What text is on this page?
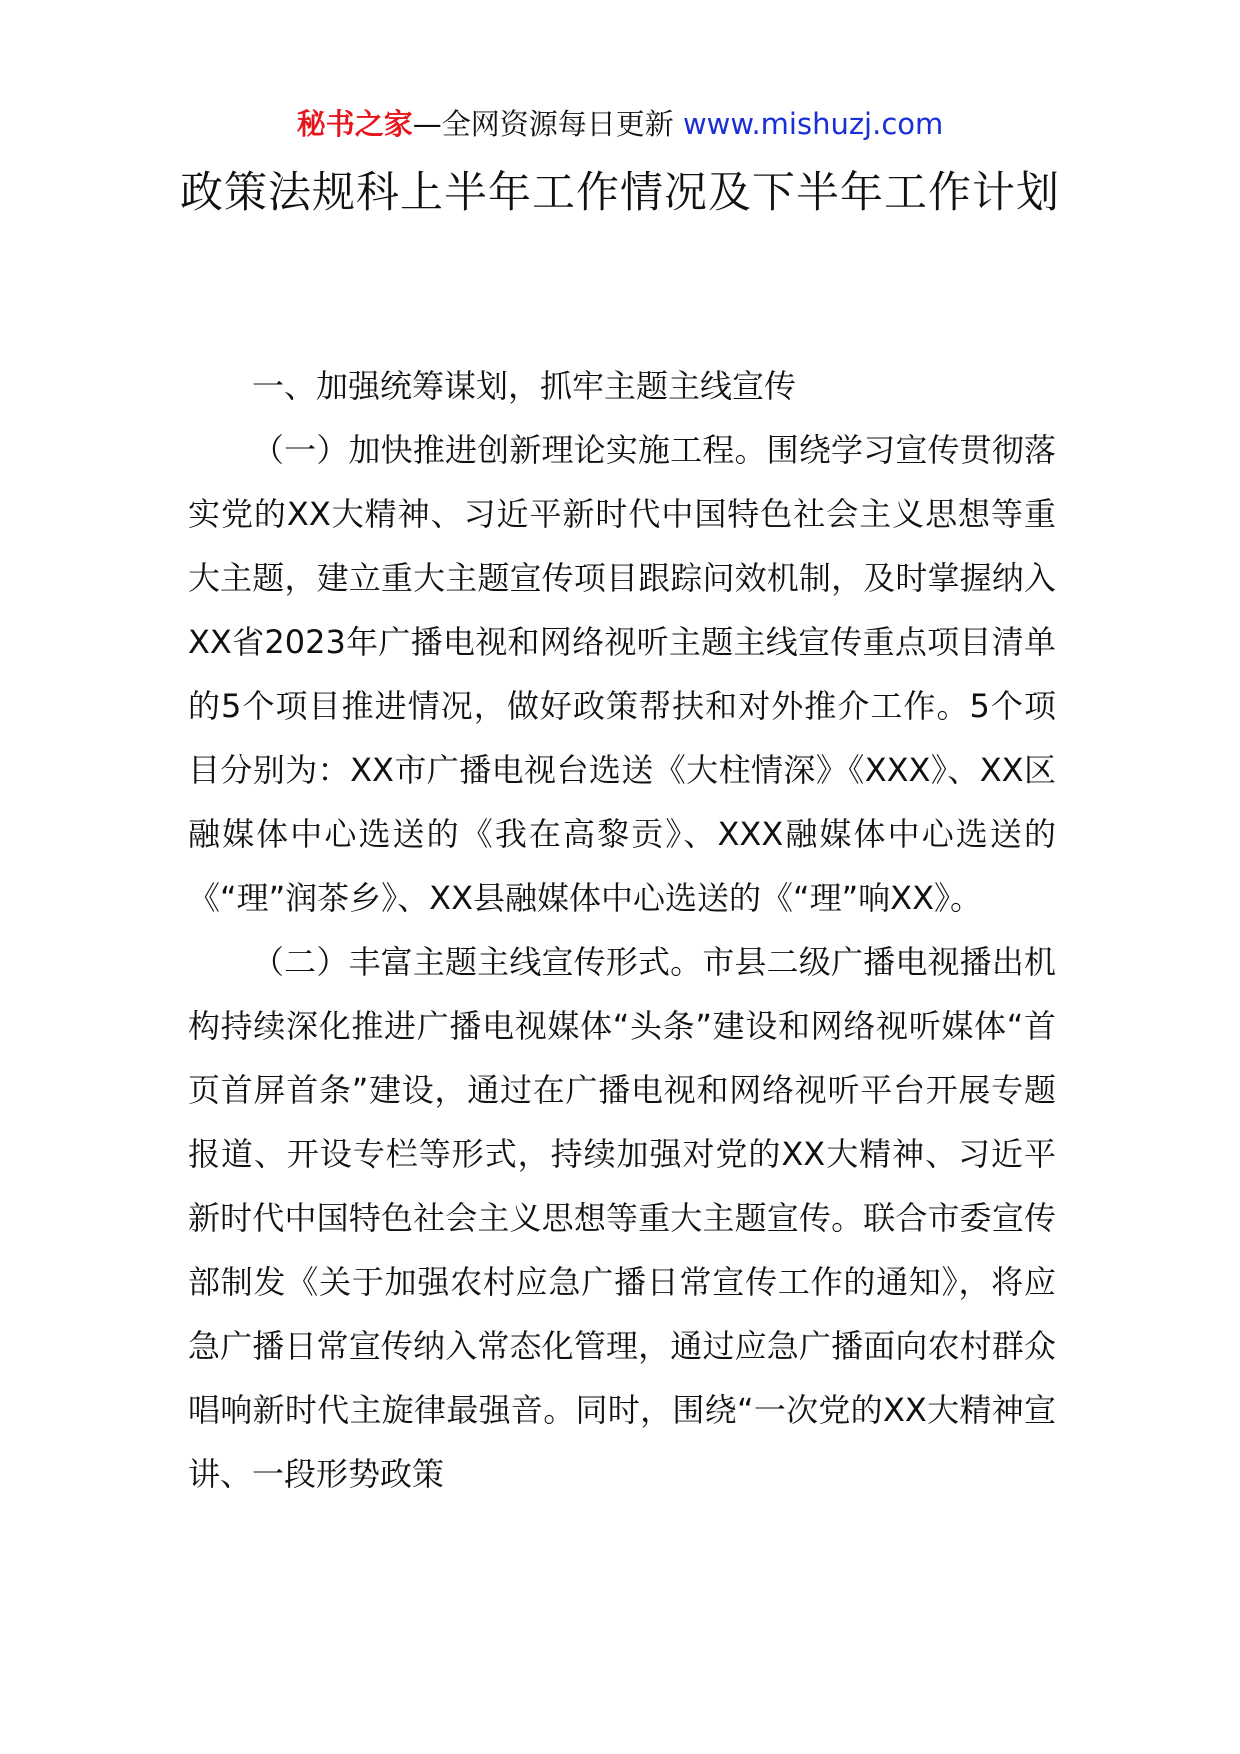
秘书之家—全网资源每日更新 www.mishuzj.com
政策法规科上半年工作情况及下半年工作计划

一、加强统筹谋划，抓牢主题主线宣传

（一）加快推进创新理论实施工程。围绕学习宣传贯彻落实党的XX大精神、习近平新时代中国特色社会主义思想等重大主题，建立重大主题宣传项目跟踪问效机制，及时掌握纳入XX省2023年广播电视和网络视听主题主线宣传重点项目清单的5个项目推进情况，做好政策帮扶和对外推介工作。5个项目分别为：XX市广播电视台选送《大柱情深》《XXX》、XX区融媒体中心选送的《我在高黎贡》、XXX融媒体中心选送的《“理”润茶乡》、XX县融媒体中心选送的《“理”响XX》。

（二）丰富主题主线宣传形式。市县二级广播电视播出机构持续深化推进广播电视媒体“头条”建设和网络视听媒体“首页首屏首条”建设，通过在广播电视和网络视听平台开展专题报道、开设专栏等形式，持续加强对党的XX大精神、习近平新时代中国特色社会主义思想等重大主题宣传。联合市委宣传部制发《关于加强农村应急广播日常宣传工作的通知》，将应急广播日常宣传纳入常态化管理，通过应急广播面向农村群众唱响新时代主旋律最强音。同时，围绕“一次党的XX大精神宣讲、一段形势政策
